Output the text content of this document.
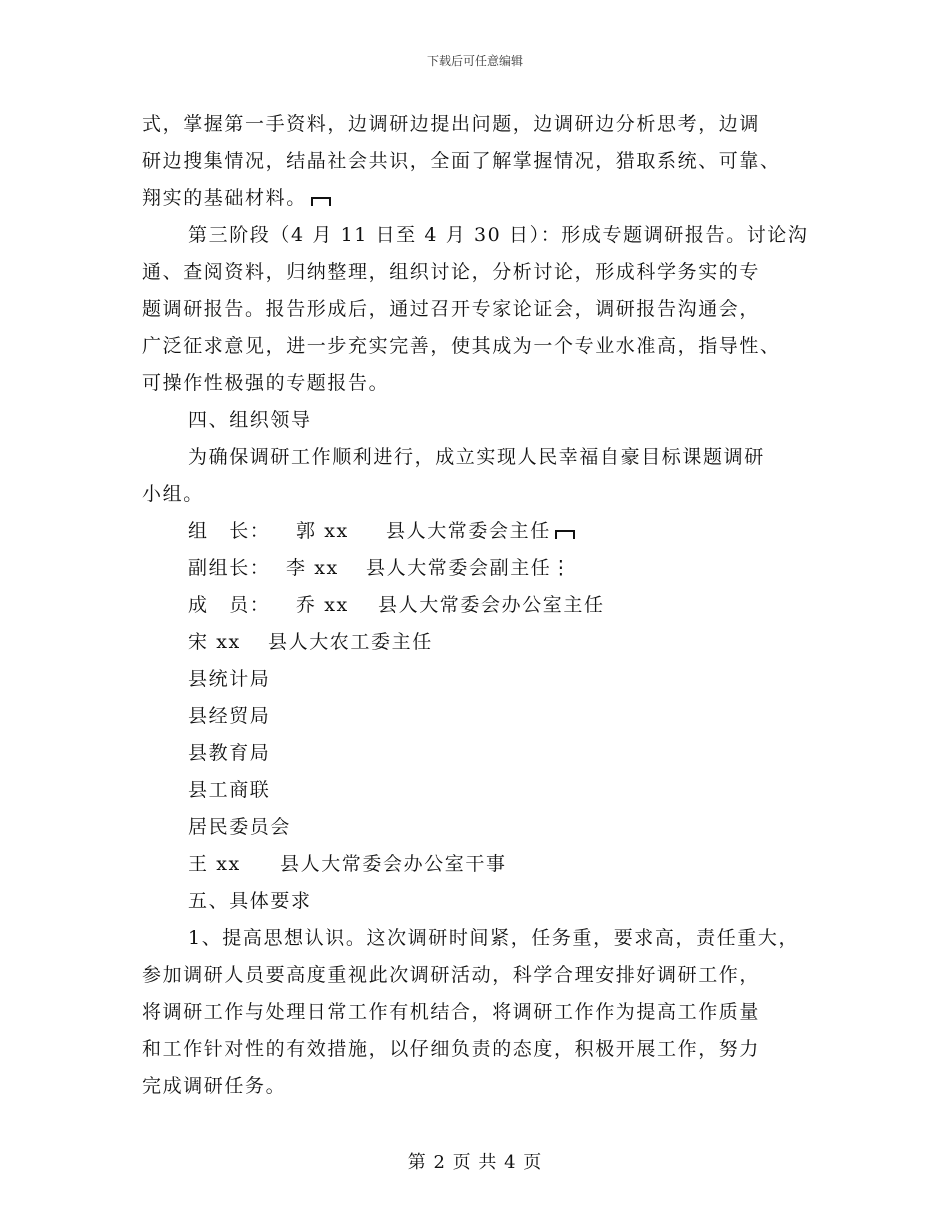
下载后可任意编辑
式，掌握第一手资料，边调研边提出问题，边调研边分析思考，边调
研边搜集情况，结晶社会共识，全面了解掌握情况，猎取系统、可靠、
翔实的基础材料。
第三阶段（4 月 11 日至 4 月 30 日）：形成专题调研报告。讨论沟
通、查阅资料，归纳整理，组织讨论，分析讨论，形成科学务实的专
题调研报告。报告形成后，通过召开专家论证会，调研报告沟通会，
广泛征求意见，进一步充实完善，使其成为一个专业水准高，指导性、
可操作性极强的专题报告。
四、组织领导
为确保调研工作顺利进行，成立实现人民幸福自豪目标课题调研
小组。
组　长： 郭 xx 县人大常委会主任
副组长： 李 xx 县人大常委会副主任⋮
成　员： 乔 xx 县人大常委会办公室主任
宋 xx 县人大农工委主任
县统计局
县经贸局
县教育局
县工商联
居民委员会
王 xx 县人大常委会办公室干事
五、具体要求
1、提高思想认识。这次调研时间紧，任务重，要求高，责任重大，
参加调研人员要高度重视此次调研活动，科学合理安排好调研工作，
将调研工作与处理日常工作有机结合，将调研工作作为提高工作质量
和工作针对性的有效措施，以仔细负责的态度，积极开展工作，努力
完成调研任务。
第 2 页 共 4 页
